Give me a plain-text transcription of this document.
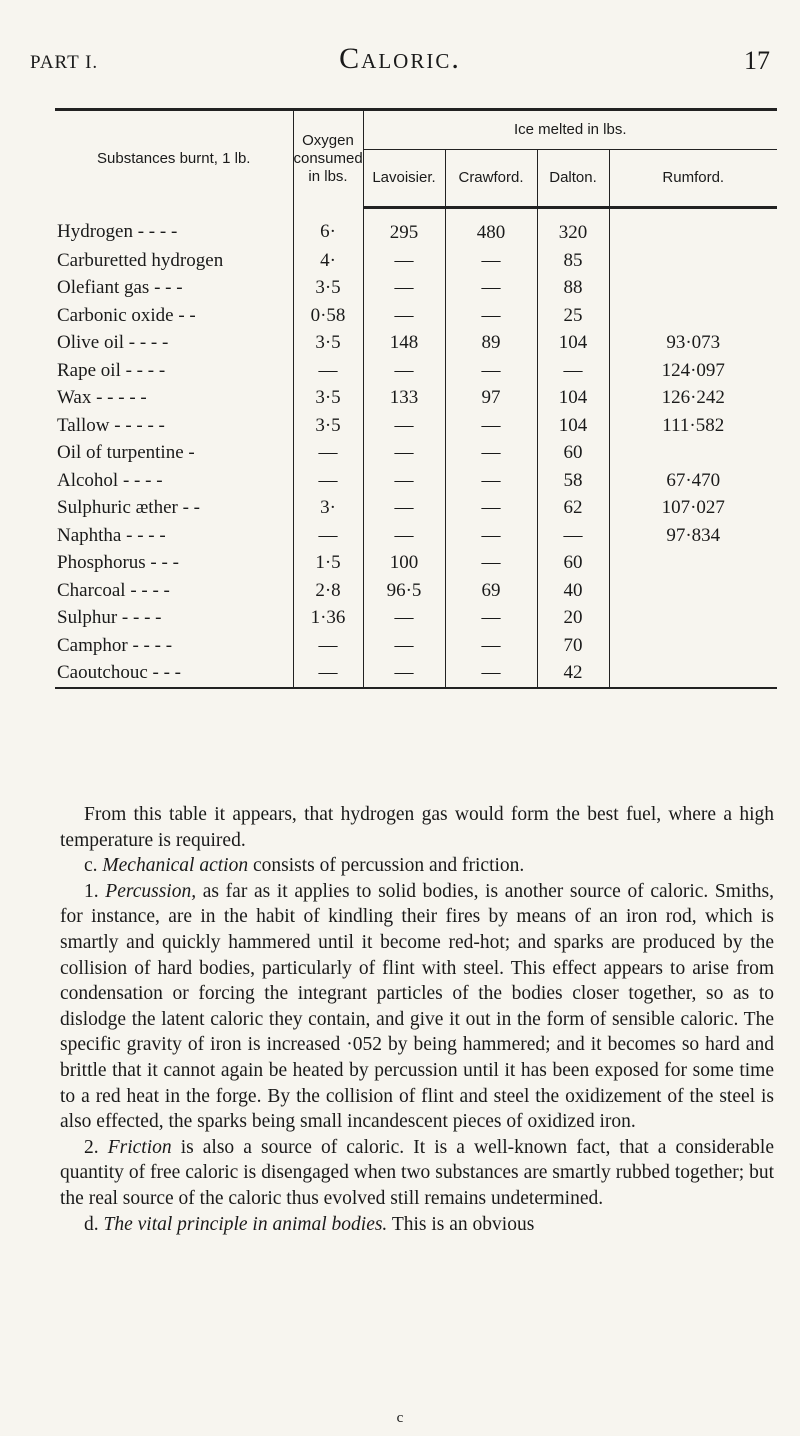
PART I.	Caloric.	17
Substances burnt, 1 lb.	Oxygen consumed in lbs.	Ice melted in lbs.			
		Lavoisier.	Crawford.	Dalton.	Rumford.
Hydrogen - - - -	6·	295	480	320	
Carburetted hydrogen	4·	—	—	85	
Olefiant gas - - -	3·5	—	—	88	
Carbonic oxide - -	0·58	—	—	25	
Olive oil - - - -	3·5	148	89	104	93·073
Rape oil - - - -	—	—	—	—	124·097
Wax - - - - -	3·5	133	97	104	126·242
Tallow - - - - -	3·5	—	—	104	111·582
Oil of turpentine -	—	—	—	60	
Alcohol - - - -	—	—	—	58	67·470
Sulphuric æther - -	3·	—	—	62	107·027
Naphtha - - - -	—	—	—	—	97·834
Phosphorus - - -	1·5	100	—	60	
Charcoal - - - -	2·8	96·5	69	40	
Sulphur - - - -	1·36	—	—	20	
Camphor - - - -	—	—	—	70	
Caoutchouc - - -	—	—	—	42	

From this table it appears, that hydrogen gas would form the best fuel, where a high temperature is required.

c. Mechanical action consists of percussion and friction.

1. Percussion, as far as it applies to solid bodies, is another source of caloric. Smiths, for instance, are in the habit of kindling their fires by means of an iron rod, which is smartly and quickly hammered until it become red-hot; and sparks are produced by the collision of hard bodies, particularly of flint with steel. This effect appears to arise from condensation or forcing the integrant particles of the bodies closer together, so as to dislodge the latent caloric they contain, and give it out in the form of sensible caloric. The specific gravity of iron is increased ·052 by being hammered; and it becomes so hard and brittle that it cannot again be heated by percussion until it has been exposed for some time to a red heat in the forge. By the collision of flint and steel the oxidizement of the steel is also effected, the sparks being small incandescent pieces of oxidized iron.

2. Friction is also a source of caloric. It is a well-known fact, that a considerable quantity of free caloric is disengaged when two substances are smartly rubbed together; but the real source of the caloric thus evolved still remains undetermined.

d. The vital principle in animal bodies. This is an obvious

c
